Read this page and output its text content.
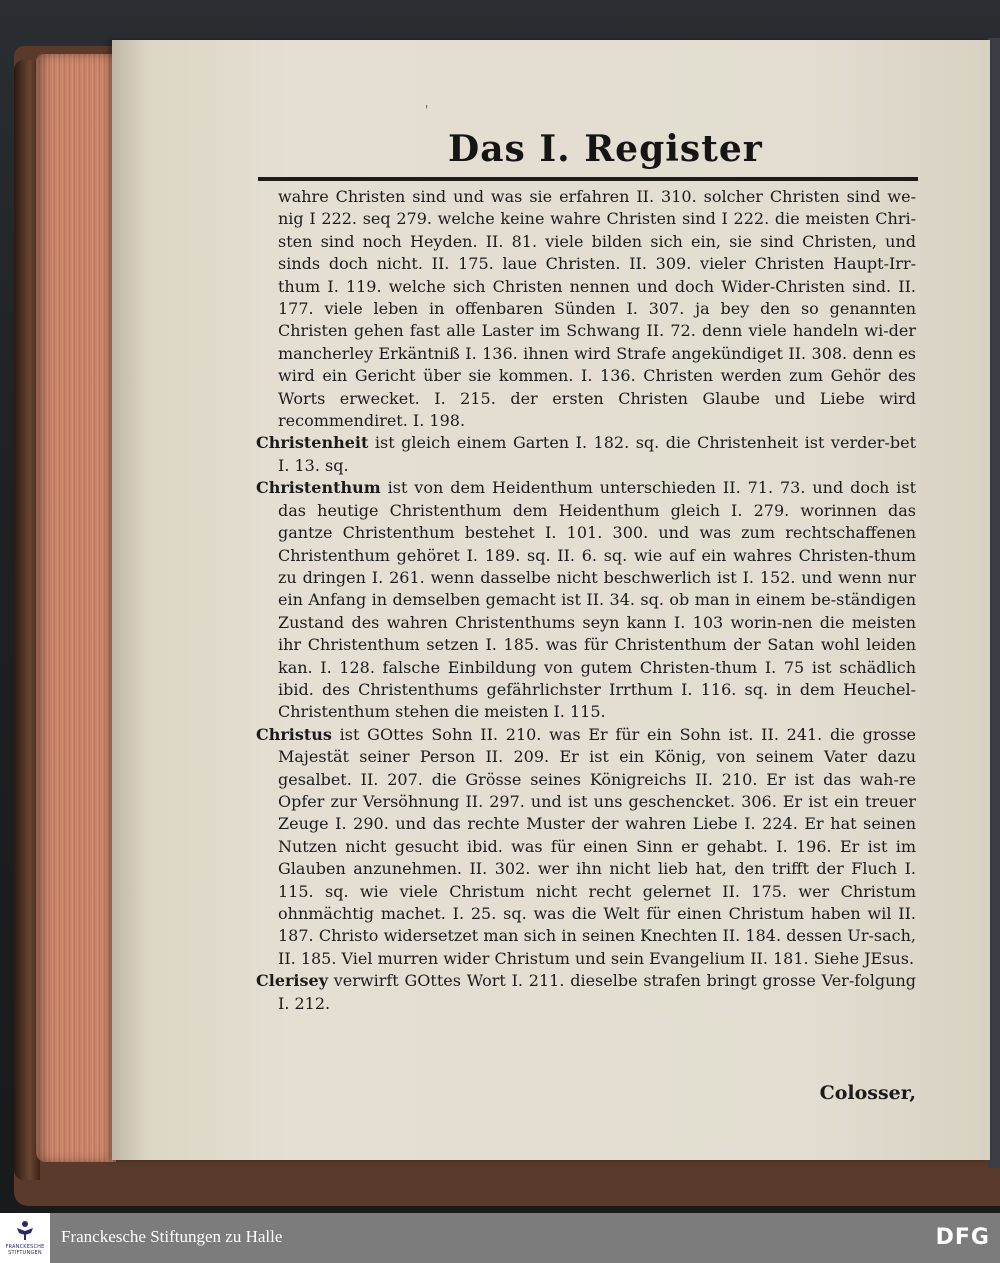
'
Das I. Register

wahre Christen sind und was sie erfahren II. 310. solcher Christen sind we-nig I 222. seq 279. welche keine wahre Christen sind I 222. die meisten Chri-sten sind noch Heyden. II. 81. viele bilden sich ein, sie sind Christen, und sinds doch nicht. II. 175. laue Christen. II. 309. vieler Christen Haupt-Irr-thum I. 119. welche sich Christen nennen und doch Wider-Christen sind. II. 177. viele leben in offenbaren Sünden I. 307. ja bey den so genannten Christen gehen fast alle Laster im Schwang II. 72. denn viele handeln wi-der mancherley Erkäntniß I. 136. ihnen wird Strafe angekündiget II. 308. denn es wird ein Gericht über sie kommen. I. 136. Christen werden zum Gehör des Worts erwecket. I. 215. der ersten Christen Glaube und Liebe wird recommendiret. I. 198.

Christenheit ist gleich einem Garten I. 182. sq. die Christenheit ist verder-bet I. 13. sq.

Christenthum ist von dem Heidenthum unterschieden II. 71. 73. und doch ist das heutige Christenthum dem Heidenthum gleich I. 279. worinnen das gantze Christenthum bestehet I. 101. 300. und was zum rechtschaffenen Christenthum gehöret I. 189. sq. II. 6. sq. wie auf ein wahres Christen-thum zu dringen I. 261. wenn dasselbe nicht beschwerlich ist I. 152. und wenn nur ein Anfang in demselben gemacht ist II. 34. sq. ob man in einem be-ständigen Zustand des wahren Christenthums seyn kann I. 103 worin-nen die meisten ihr Christenthum setzen I. 185. was für Christenthum der Satan wohl leiden kan. I. 128. falsche Einbildung von gutem Christen-thum I. 75 ist schädlich ibid. des Christenthums gefährlichster Irrthum I. 116. sq. in dem Heuchel-Christenthum stehen die meisten I. 115.

Christus ist GOttes Sohn II. 210. was Er für ein Sohn ist. II. 241. die grosse Majestät seiner Person II. 209. Er ist ein König, von seinem Vater dazu gesalbet. II. 207. die Grösse seines Königreichs II. 210. Er ist das wah-re Opfer zur Versöhnung II. 297. und ist uns geschencket. 306. Er ist ein treuer Zeuge I. 290. und das rechte Muster der wahren Liebe I. 224. Er hat seinen Nutzen nicht gesucht ibid. was für einen Sinn er gehabt. I. 196. Er ist im Glauben anzunehmen. II. 302. wer ihn nicht lieb hat, den trifft der Fluch I. 115. sq. wie viele Christum nicht recht gelernet II. 175. wer Christum ohnmächtig machet. I. 25. sq. was die Welt für einen Christum haben wil II. 187. Christo widersetzet man sich in seinen Knechten II. 184. dessen Ur-sach, II. 185. Viel murren wider Christum und sein Evangelium II. 181. Siehe JEsus.

Clerisey verwirft GOttes Wort I. 211. dieselbe strafen bringt grosse Ver-folgung I. 212.

Colosser,
FRANCKESCHE STIFTUNGEN
Franckesche Stiftungen zu Halle	DFG
